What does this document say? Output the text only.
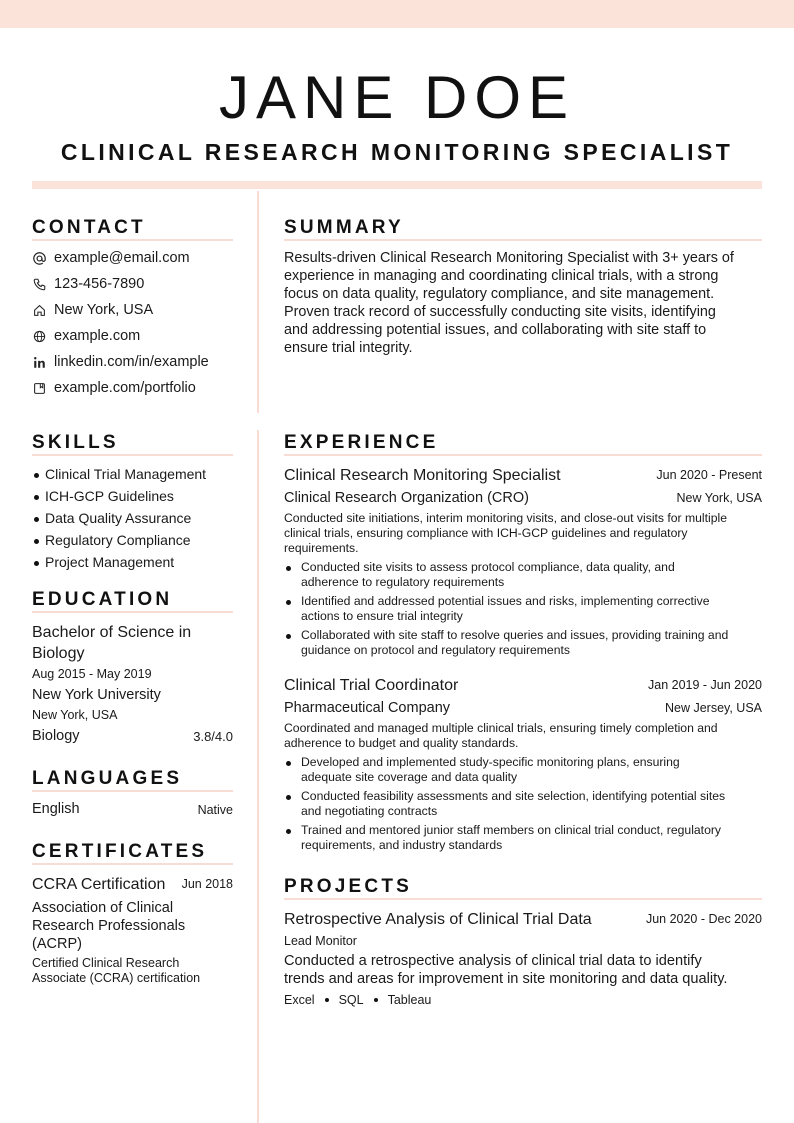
JANE DOE
CLINICAL RESEARCH MONITORING SPECIALIST
CONTACT
example@email.com
123-456-7890
New York, USA
example.com
linkedin.com/in/example
example.com/portfolio
SUMMARY
Results-driven Clinical Research Monitoring Specialist with 3+ years of
experience in managing and coordinating clinical trials, with a strong
focus on data quality, regulatory compliance, and site management.
Proven track record of successfully conducting site visits, identifying
and addressing potential issues, and collaborating with site staff to
ensure trial integrity.
SKILLS
Clinical Trial Management
ICH-GCP Guidelines
Data Quality Assurance
Regulatory Compliance
Project Management
EDUCATION
Bachelor of Science in
Biology
Aug 2015 - May 2019
New York University
New York, USA
Biology	3.8/4.0
LANGUAGES
English	Native
CERTIFICATES
CCRA Certification	Jun 2018
Association of Clinical
Research Professionals
(ACRP)
Certified Clinical Research
Associate (CCRA) certification
EXPERIENCE
Clinical Research Monitoring Specialist	Jun 2020 - Present
Clinical Research Organization (CRO)	New York, USA
Conducted site initiations, interim monitoring visits, and close-out visits for multiple
clinical trials, ensuring compliance with ICH-GCP guidelines and regulatory
requirements.
Conducted site visits to assess protocol compliance, data quality, and
adherence to regulatory requirements
Identified and addressed potential issues and risks, implementing corrective
actions to ensure trial integrity
Collaborated with site staff to resolve queries and issues, providing training and
guidance on protocol and regulatory requirements
Clinical Trial Coordinator	Jan 2019 - Jun 2020
Pharmaceutical Company	New Jersey, USA
Coordinated and managed multiple clinical trials, ensuring timely completion and
adherence to budget and quality standards.
Developed and implemented study-specific monitoring plans, ensuring
adequate site coverage and data quality
Conducted feasibility assessments and site selection, identifying potential sites
and negotiating contracts
Trained and mentored junior staff members on clinical trial conduct, regulatory
requirements, and industry standards
PROJECTS
Retrospective Analysis of Clinical Trial Data	Jun 2020 - Dec 2020
Lead Monitor
Conducted a retrospective analysis of clinical trial data to identify
trends and areas for improvement in site monitoring and data quality.
Excel SQL Tableau
